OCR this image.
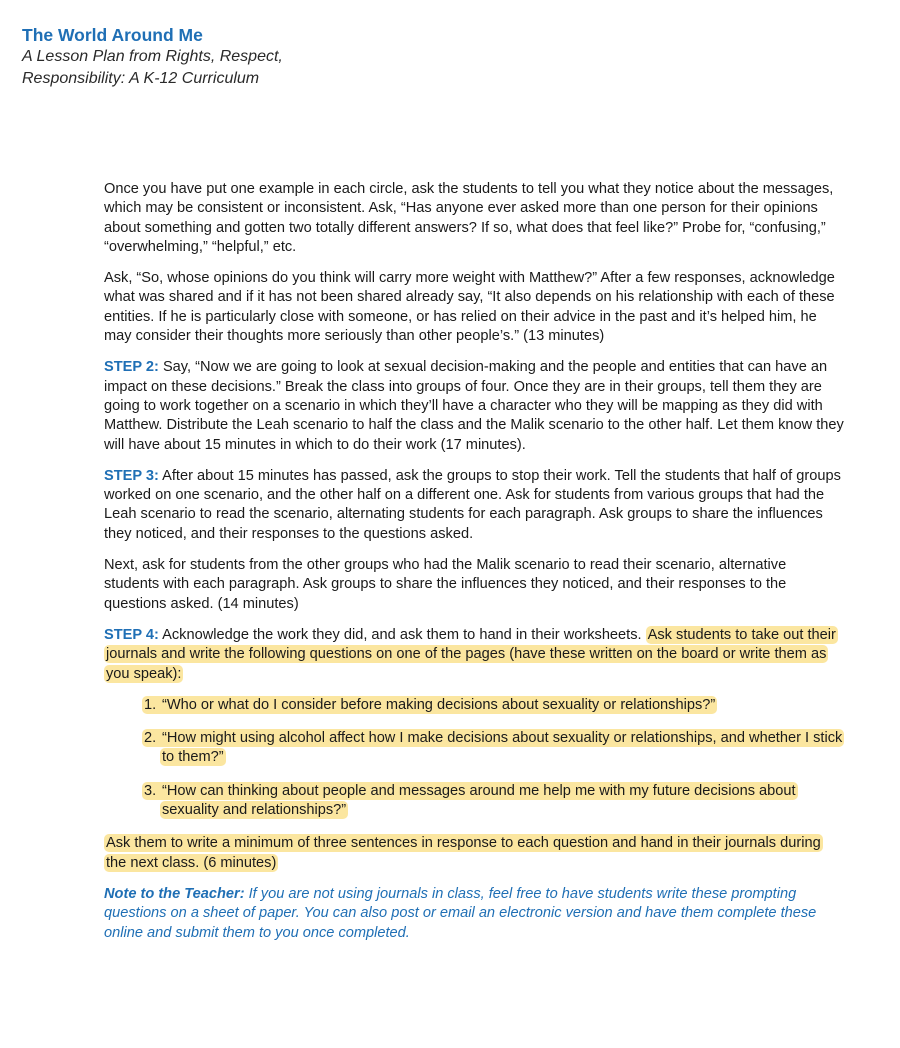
The World Around Me
A Lesson Plan from Rights, Respect,
Responsibility: A K-12 Curriculum

Once you have put one example in each circle, ask the students to tell you what they notice about the messages, which may be consistent or inconsistent. Ask, “Has anyone ever asked more than one person for their opinions about something and gotten two totally different answers? If so, what does that feel like?” Probe for, “confusing,” “overwhelming,” “helpful,” etc.

Ask, “So, whose opinions do you think will carry more weight with Matthew?” After a few responses, acknowledge what was shared and if it has not been shared already say, “It also depends on his relationship with each of these entities. If he is particularly close with someone, or has relied on their advice in the past and it’s helped him, he may consider their thoughts more seriously than other people’s.” (13 minutes)

STEP 2: Say, “Now we are going to look at sexual decision-making and the people and entities that can have an impact on these decisions.” Break the class into groups of four. Once they are in their groups, tell them they are going to work together on a scenario in which they’ll have a character who they will be mapping as they did with Matthew. Distribute the Leah scenario to half the class and the Malik scenario to the other half. Let them know they will have about 15 minutes in which to do their work (17 minutes).

STEP 3: After about 15 minutes has passed, ask the groups to stop their work. Tell the students that half of groups worked on one scenario, and the other half on a different one. Ask for students from various groups that had the Leah scenario to read the scenario, alternating students for each paragraph. Ask groups to share the influences they noticed, and their responses to the questions asked.

Next, ask for students from the other groups who had the Malik scenario to read their scenario, alternative students with each paragraph. Ask groups to share the influences they noticed, and their responses to the questions asked. (14 minutes)

STEP 4: Acknowledge the work they did, and ask them to hand in their worksheets. Ask students to take out their journals and write the following questions on one of the pages (have these written on the board or write them as you speak):

1. “Who or what do I consider before making decisions about sexuality or relationships?”
2. “How might using alcohol affect how I make decisions about sexuality or relationships, and whether I stick to them?”
3. “How can thinking about people and messages around me help me with my future decisions about sexuality and relationships?”

Ask them to write a minimum of three sentences in response to each question and hand in their journals during the next class. (6 minutes)

Note to the Teacher: If you are not using journals in class, feel free to have students write these prompting questions on a sheet of paper. You can also post or email an electronic version and have them complete these online and submit them to you once completed.
